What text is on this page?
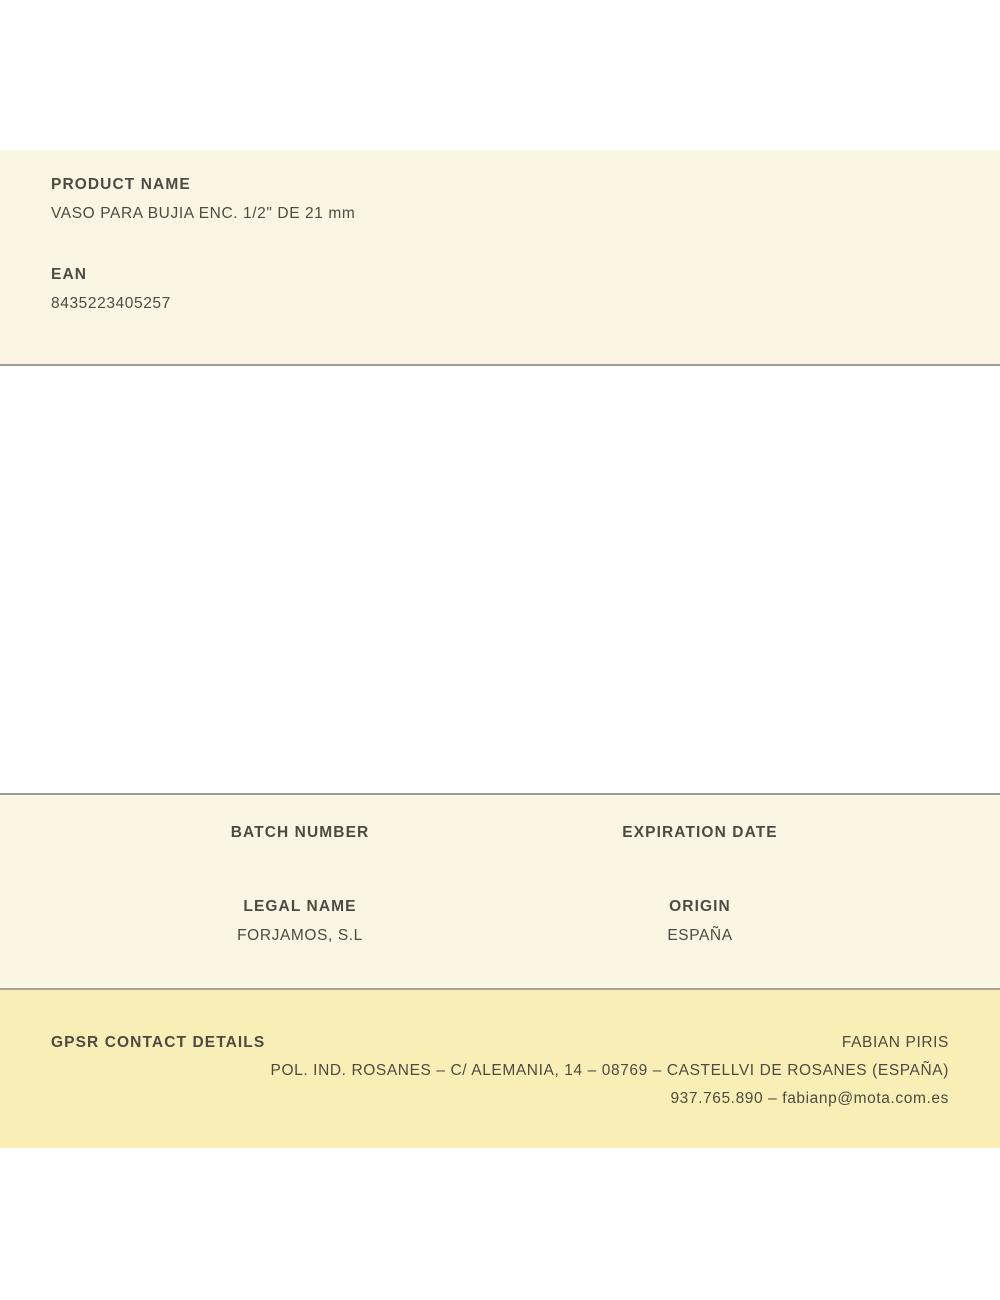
PRODUCT NAME
VASO PARA BUJIA ENC. 1/2" DE 21 mm
EAN
8435223405257
BATCH NUMBER	EXPIRATION DATE
LEGAL NAME
FORJAMOS, S.L
ORIGIN
ESPAÑA
GPSR CONTACT DETAILS	FABIAN PIRIS
POL. IND. ROSANES – C/ ALEMANIA, 14 – 08769 – CASTELLVI DE ROSANES (ESPAÑA)
937.765.890 – fabianp@mota.com.es
